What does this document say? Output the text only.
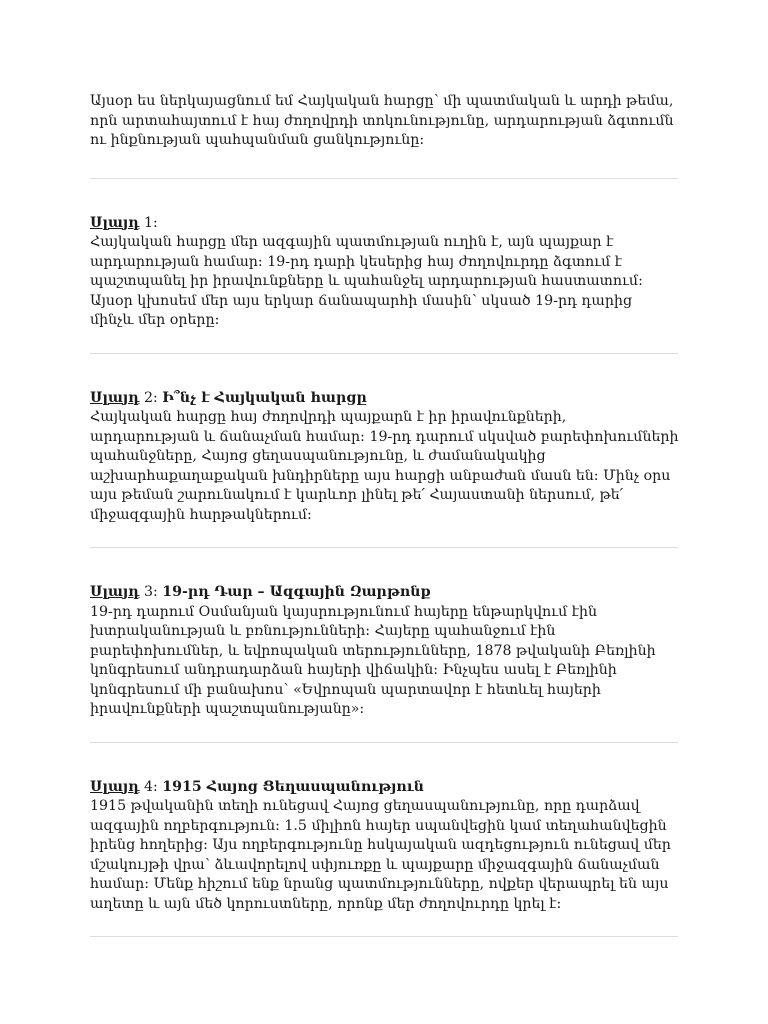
Այսօր ես ներկայացնում եմ Հայկական հարցը՝ մի պատմական և արդի թեմա, որն արտահայտում է հայ ժողովրդի տոկունությունը, արդարության ձգտումն ու ինքնության պահպանման ցանկությունը:

Սլայդ 1:

Հայկական հարցը մեր ազգային պատմության ուղին է, այն պայքար է արդարության համար: 19-րդ դարի կեսերից հայ ժողովուրդը ձգտում է պաշտպանել իր իրավունքները և պահանջել արդարության հաստատում: Այսօր կխոսեմ մեր այս երկար ճանապարհի մասին՝ սկսած 19-րդ դարից մինչև մեր օրերը:

Սլայդ 2: Ի՞նչ է Հայկական հարցը

Հայկական հարցը հայ ժողովրդի պայքարն է իր իրավունքների, արդարության և ճանաչման համար: 19-րդ դարում սկսված բարեփոխումների պահանջները, Հայոց ցեղասպանությունը, և ժամանակակից աշխարհաքաղաքական խնդիրները այս հարցի անբաժան մասն են: Մինչ օրս այս թեման շարունակում է կարևոր լինել թե՛ Հայաստանի ներսում, թե՛ միջազգային հարթակներում:

Սլայդ 3: 19-րդ Դար – Ազգային Զարթոնք

19-րդ դարում Օսմանյան կայսրությունում հայերը ենթարկվում էին խտրականության և բռնությունների: Հայերը պահանջում էին բարեփոխումներ, և եվրոպական տերությունները, 1878 թվականի Բեռլինի կոնգրեսում անդրադարձան հայերի վիճակին: Ինչպես ասել է Բեռլինի կոնգրեսում մի բանախոս՝ «Եվրոպան պարտավոր է հետևել հայերի իրավունքների պաշտպանությանը»:

Սլայդ 4: 1915 Հայոց Ցեղասպանություն

1915 թվականին տեղի ունեցավ Հայոց ցեղասպանությունը, որը դարձավ ազգային ողբերգություն: 1.5 միլիոն հայեր սպանվեցին կամ տեղահանվեցին իրենց հողերից: Այս ողբերգությունը հսկայական ազդեցություն ունեցավ մեր մշակույթի վրա՝ ձևավորելով սփյուռքը և պայքարը միջազգային ճանաչման համար: Մենք հիշում ենք նրանց պատմությունները, ովքեր վերապրել են այս աղետը և այն մեծ կորուստները, որոնք մեր ժողովուրդը կրել է:
